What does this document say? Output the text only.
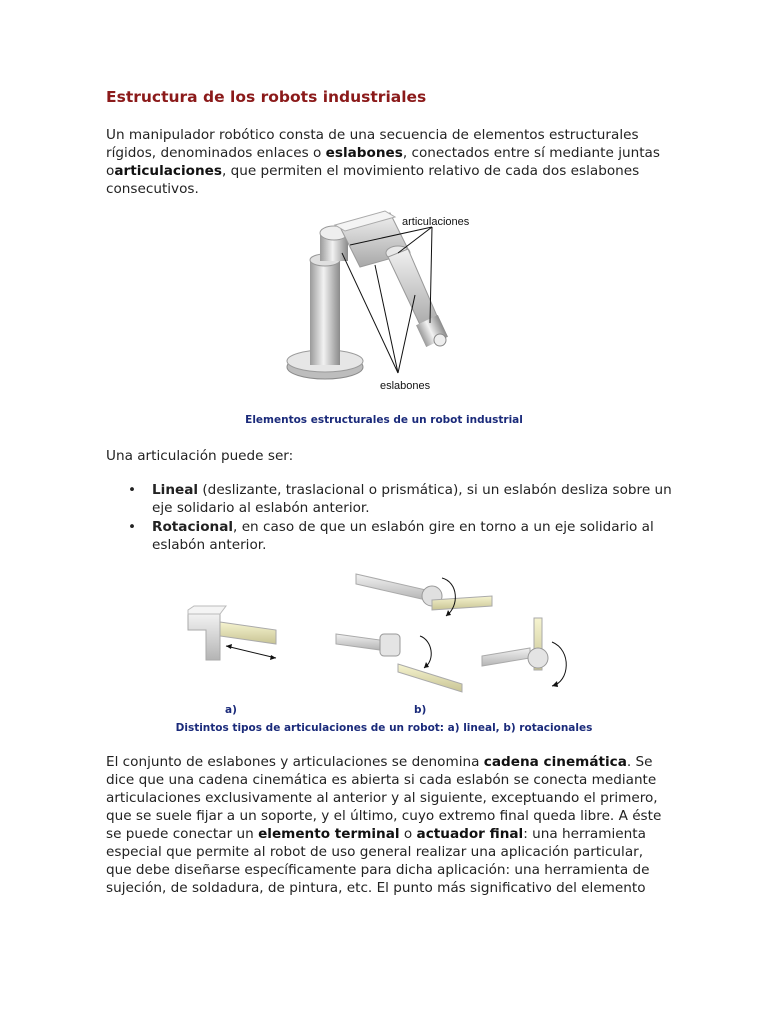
Estructura de los robots industriales

Un manipulador robótico consta de una secuencia de elementos estructurales rígidos, denominados enlaces o eslabones, conectados entre sí mediante juntas oarticulaciones, que permiten el movimiento relativo de cada dos eslabones consecutivos.

articulaciones
eslabones

Elementos estructurales de un robot industrial

Una articulación puede ser:

• Lineal (deslizante, traslacional o prismática), si un eslabón desliza sobre un eje solidario al eslabón anterior.
• Rotacional, en caso de que un eslabón gire en torno a un eje solidario al eslabón anterior.
a)	b)

Distintos tipos de articulaciones de un robot: a) lineal, b) rotacionales

El conjunto de eslabones y articulaciones se denomina cadena cinemática. Se dice que una cadena cinemática es abierta si cada eslabón se conecta mediante articulaciones exclusivamente al anterior y al siguiente, exceptuando el primero, que se suele fijar a un soporte, y el último, cuyo extremo final queda libre. A éste se puede conectar un elemento terminal o actuador final: una herramienta especial que permite al robot de uso general realizar una aplicación particular, que debe diseñarse específicamente para dicha aplicación: una herramienta de sujeción, de soldadura, de pintura, etc. El punto más significativo del elemento
